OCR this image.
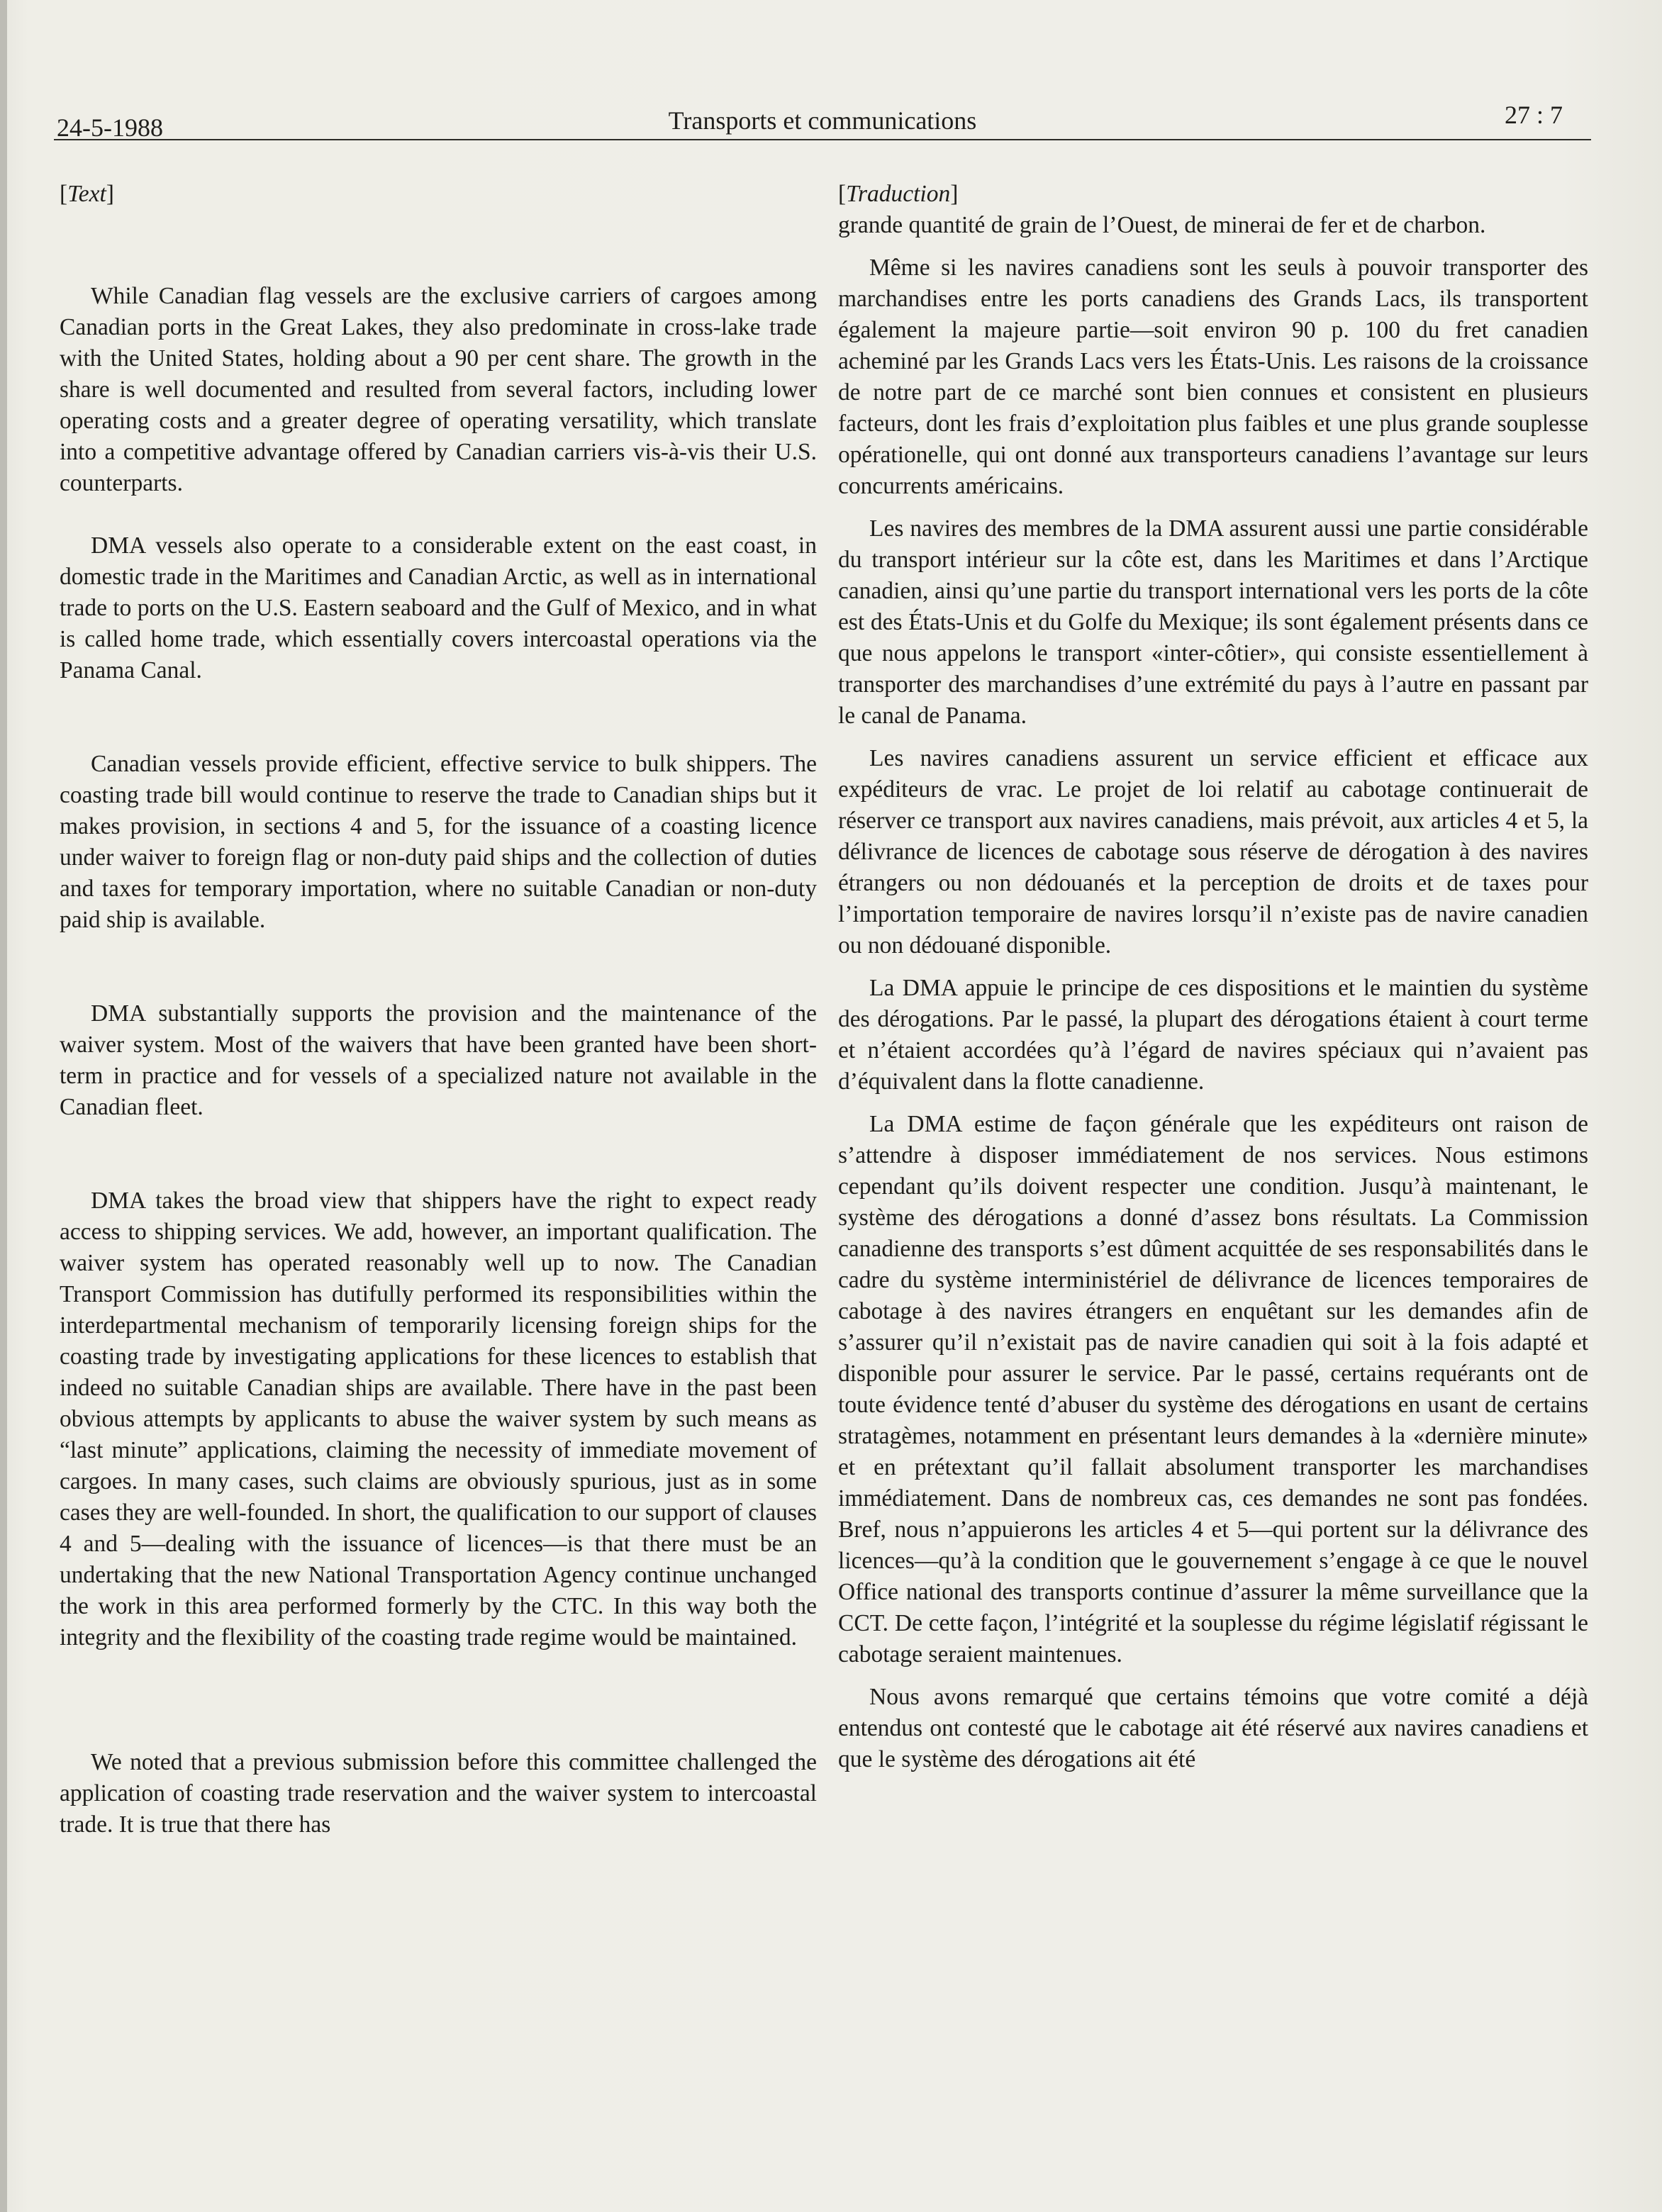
24-5-1988	Transports et communications	27 : 7

[Text]

While Canadian flag vessels are the exclusive carriers of cargoes among Canadian ports in the Great Lakes, they also predominate in cross-lake trade with the United States, holding about a 90 per cent share. The growth in the share is well documented and resulted from several factors, including lower operating costs and a greater degree of operating versatility, which translate into a competitive advantage offered by Canadian carriers vis-à-vis their U.S. counterparts.

DMA vessels also operate to a considerable extent on the east coast, in domestic trade in the Maritimes and Canadian Arctic, as well as in international trade to ports on the U.S. Eastern seaboard and the Gulf of Mexico, and in what is called home trade, which essentially covers intercoastal operations via the Panama Canal.

Canadian vessels provide efficient, effective service to bulk shippers. The coasting trade bill would continue to reserve the trade to Canadian ships but it makes provision, in sections 4 and 5, for the issuance of a coasting licence under waiver to foreign flag or non-duty paid ships and the collection of duties and taxes for temporary importation, where no suitable Canadian or non-duty paid ship is available.

DMA substantially supports the provision and the maintenance of the waiver system. Most of the waivers that have been granted have been short-term in practice and for vessels of a specialized nature not available in the Canadian fleet.

DMA takes the broad view that shippers have the right to expect ready access to shipping services. We add, however, an important qualification. The waiver system has operated reasonably well up to now. The Canadian Transport Commission has dutifully performed its responsibilities within the interdepartmental mechanism of temporarily licensing foreign ships for the coasting trade by investigating applications for these licences to establish that indeed no suitable Canadian ships are available. There have in the past been obvious attempts by applicants to abuse the waiver system by such means as “last minute” applications, claiming the necessity of immediate movement of cargoes. In many cases, such claims are obviously spurious, just as in some cases they are well-founded. In short, the qualification to our support of clauses 4 and 5—dealing with the issuance of licences—is that there must be an undertaking that the new National Transportation Agency continue unchanged the work in this area performed formerly by the CTC. In this way both the integrity and the flexibility of the coasting trade regime would be maintained.

We noted that a previous submission before this committee challenged the application of coasting trade reservation and the waiver system to intercoastal trade. It is true that there has

[Traduction]

grande quantité de grain de l’Ouest, de minerai de fer et de charbon.

Même si les navires canadiens sont les seuls à pouvoir transporter des marchandises entre les ports canadiens des Grands Lacs, ils transportent également la majeure partie—soit environ 90 p. 100 du fret canadien acheminé par les Grands Lacs vers les États-Unis. Les raisons de la croissance de notre part de ce marché sont bien connues et consistent en plusieurs facteurs, dont les frais d’exploitation plus faibles et une plus grande souplesse opérationelle, qui ont donné aux transporteurs canadiens l’avantage sur leurs concurrents américains.

Les navires des membres de la DMA assurent aussi une partie considérable du transport intérieur sur la côte est, dans les Maritimes et dans l’Arctique canadien, ainsi qu’une partie du transport international vers les ports de la côte est des États-Unis et du Golfe du Mexique; ils sont également présents dans ce que nous appelons le transport «inter-côtier», qui consiste essentiellement à transporter des marchandises d’une extrémité du pays à l’autre en passant par le canal de Panama.

Les navires canadiens assurent un service efficient et efficace aux expéditeurs de vrac. Le projet de loi relatif au cabotage continuerait de réserver ce transport aux navires canadiens, mais prévoit, aux articles 4 et 5, la délivrance de licences de cabotage sous réserve de dérogation à des navires étrangers ou non dédouanés et la perception de droits et de taxes pour l’importation temporaire de navires lorsqu’il n’existe pas de navire canadien ou non dédouané disponible.

La DMA appuie le principe de ces dispositions et le maintien du système des dérogations. Par le passé, la plupart des dérogations étaient à court terme et n’étaient accordées qu’à l’égard de navires spéciaux qui n’avaient pas d’équivalent dans la flotte canadienne.

La DMA estime de façon générale que les expéditeurs ont raison de s’attendre à disposer immédiatement de nos services. Nous estimons cependant qu’ils doivent respecter une condition. Jusqu’à maintenant, le système des dérogations a donné d’assez bons résultats. La Commission canadienne des transports s’est dûment acquittée de ses responsabilités dans le cadre du système interministériel de délivrance de licences temporaires de cabotage à des navires étrangers en enquêtant sur les demandes afin de s’assurer qu’il n’existait pas de navire canadien qui soit à la fois adapté et disponible pour assurer le service. Par le passé, certains requérants ont de toute évidence tenté d’abuser du système des dérogations en usant de certains stratagèmes, notamment en présentant leurs demandes à la «dernière minute» et en prétextant qu’il fallait absolument transporter les marchandises immédiatement. Dans de nombreux cas, ces demandes ne sont pas fondées. Bref, nous n’appuierons les articles 4 et 5—qui portent sur la délivrance des licences—qu’à la condition que le gouvernement s’engage à ce que le nouvel Office national des transports continue d’assurer la même surveillance que la CCT. De cette façon, l’intégrité et la souplesse du régime législatif régissant le cabotage seraient maintenues.

Nous avons remarqué que certains témoins que votre comité a déjà entendus ont contesté que le cabotage ait été réservé aux navires canadiens et que le système des dérogations ait été
